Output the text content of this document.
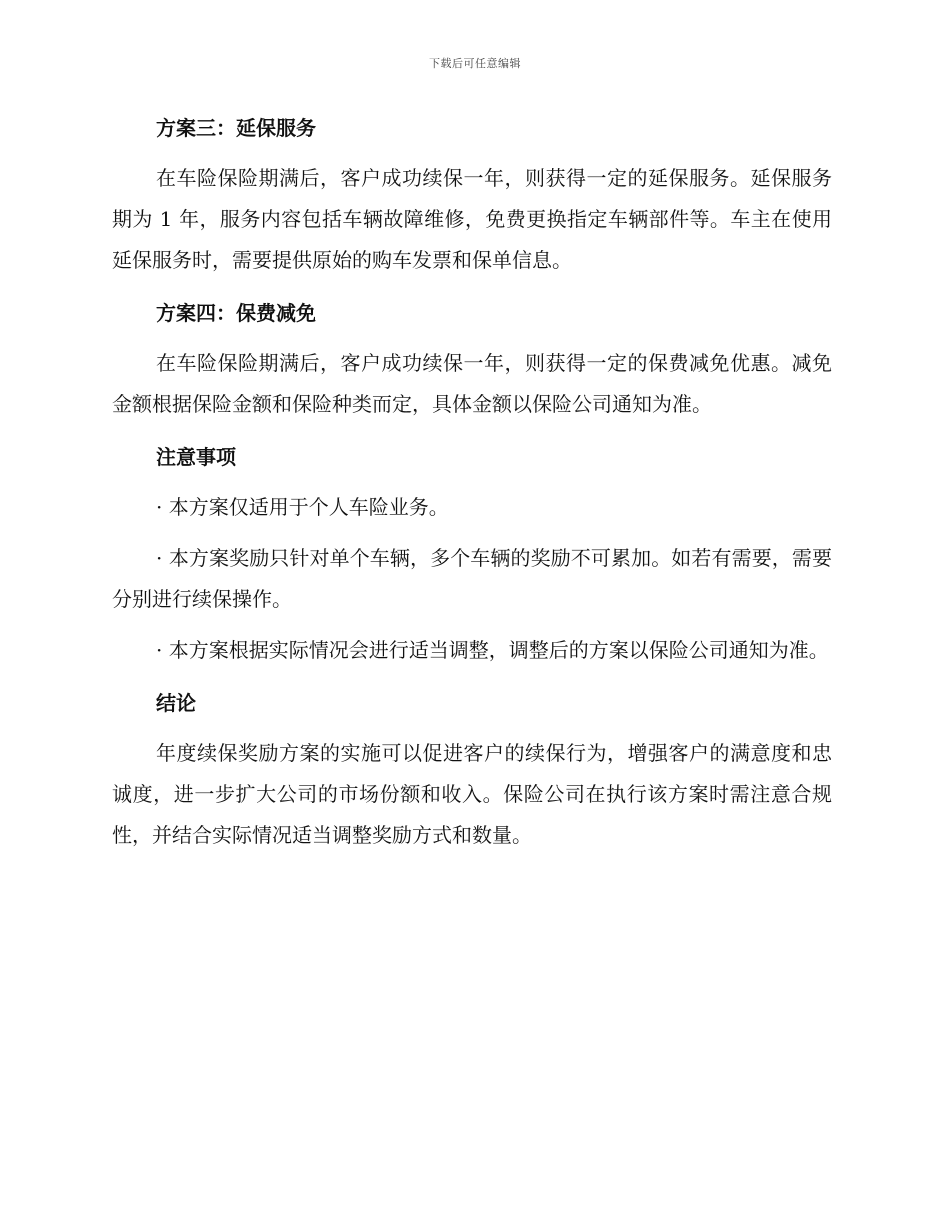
下载后可任意编辑
方案三：延保服务

在车险保险期满后，客户成功续保一年，则获得一定的延保服务。延保服务期为 1 年，服务内容包括车辆故障维修，免费更换指定车辆部件等。车主在使用延保服务时，需要提供原始的购车发票和保单信息。

方案四：保费减免

在车险保险期满后，客户成功续保一年，则获得一定的保费减免优惠。减免金额根据保险金额和保险种类而定，具体金额以保险公司通知为准。

注意事项

· 本方案仅适用于个人车险业务。

· 本方案奖励只针对单个车辆，多个车辆的奖励不可累加。如若有需要，需要分别进行续保操作。

· 本方案根据实际情况会进行适当调整，调整后的方案以保险公司通知为准。

结论

年度续保奖励方案的实施可以促进客户的续保行为，增强客户的满意度和忠诚度，进一步扩大公司的市场份额和收入。保险公司在执行该方案时需注意合规性，并结合实际情况适当调整奖励方式和数量。
